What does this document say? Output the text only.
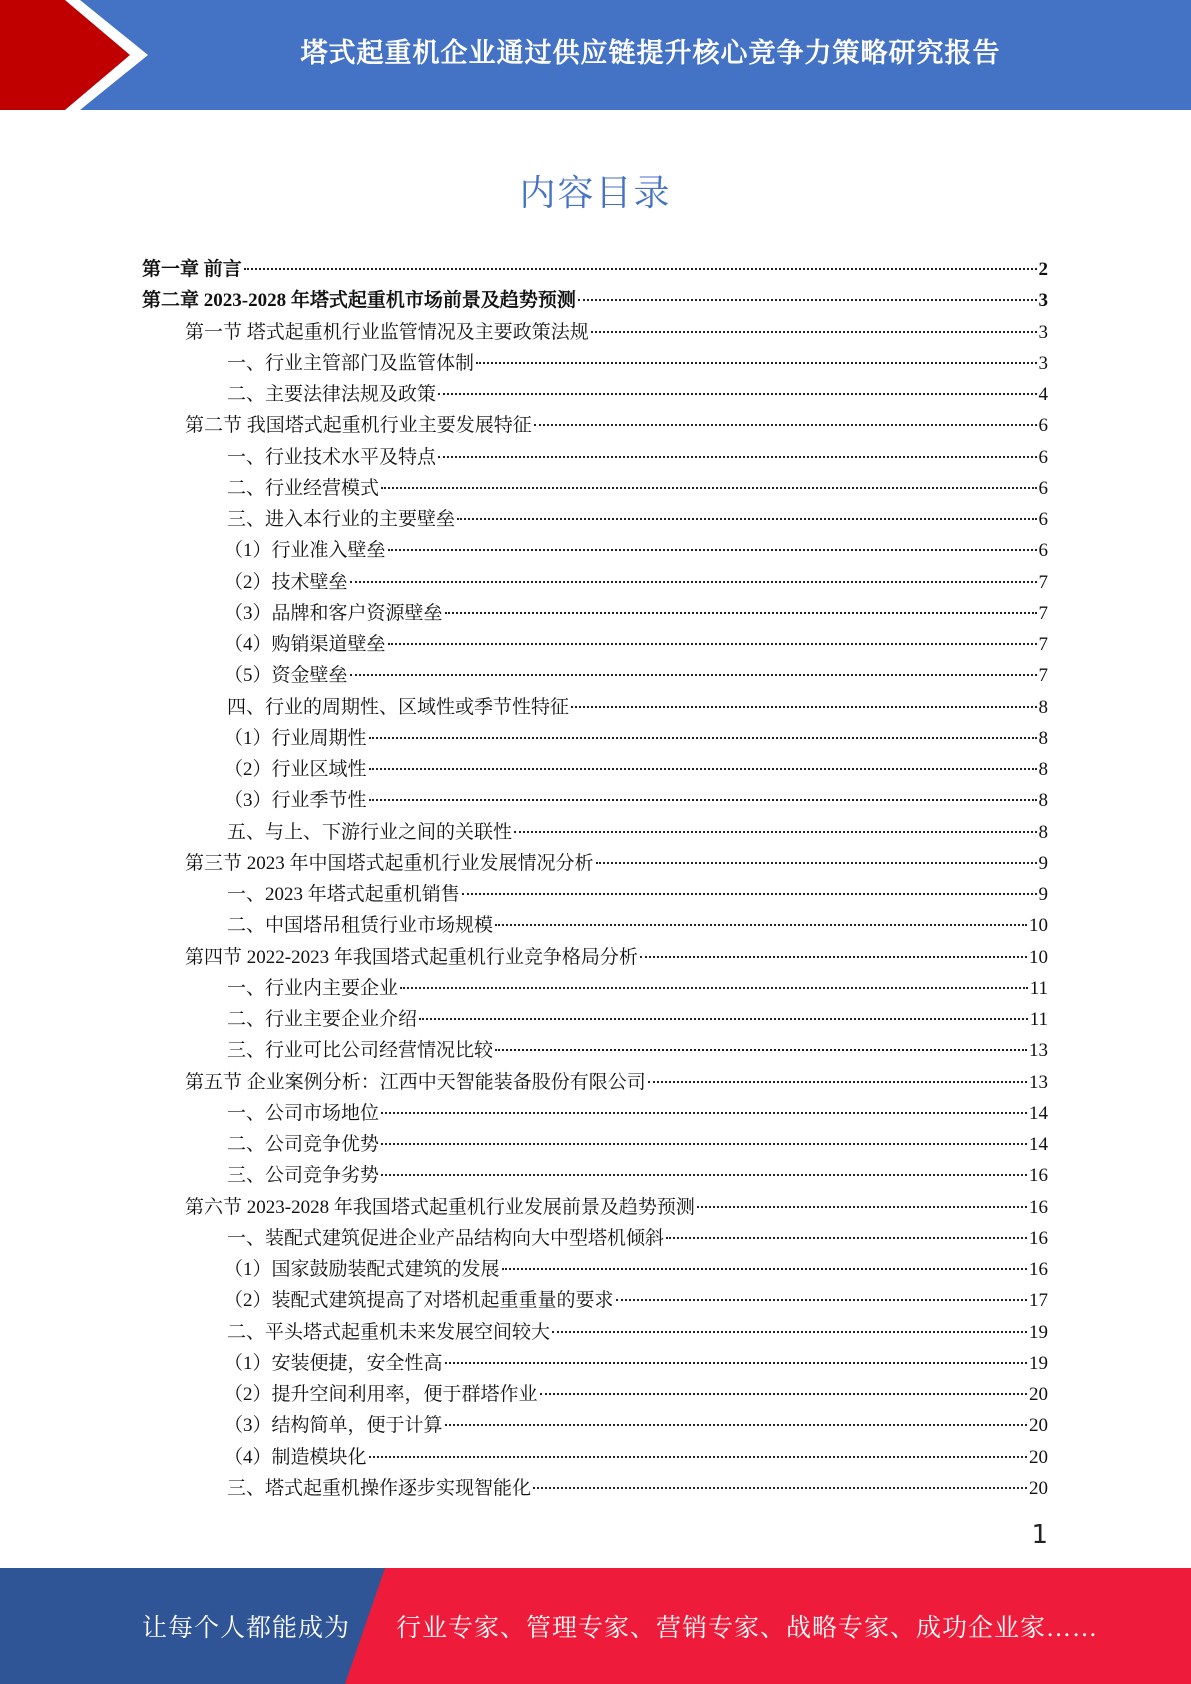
塔式起重机企业通过供应链提升核心竞争力策略研究报告
内容目录
第一章 前言	2
第二章 2023-2028 年塔式起重机市场前景及趋势预测	3
第一节 塔式起重机行业监管情况及主要政策法规	3
一、行业主管部门及监管体制	3
二、主要法律法规及政策	4
第二节 我国塔式起重机行业主要发展特征	6
一、行业技术水平及特点	6
二、行业经营模式	6
三、进入本行业的主要壁垒	6
（1）行业准入壁垒	6
（2）技术壁垒	7
（3）品牌和客户资源壁垒	7
（4）购销渠道壁垒	7
（5）资金壁垒	7
四、行业的周期性、区域性或季节性特征	8
（1）行业周期性	8
（2）行业区域性	8
（3）行业季节性	8
五、与上、下游行业之间的关联性	8
第三节 2023 年中国塔式起重机行业发展情况分析	9
一、2023 年塔式起重机销售	9
二、中国塔吊租赁行业市场规模	10
第四节 2022-2023 年我国塔式起重机行业竞争格局分析	10
一、行业内主要企业	11
二、行业主要企业介绍	11
三、行业可比公司经营情况比较	13
第五节 企业案例分析：江西中天智能装备股份有限公司	13
一、公司市场地位	14
二、公司竞争优势	14
三、公司竞争劣势	16
第六节 2023-2028 年我国塔式起重机行业发展前景及趋势预测	16
一、装配式建筑促进企业产品结构向大中型塔机倾斜	16
（1）国家鼓励装配式建筑的发展	16
（2）装配式建筑提高了对塔机起重重量的要求	17
二、平头塔式起重机未来发展空间较大	19
（1）安装便捷，安全性高	19
（2）提升空间利用率，便于群塔作业	20
（3）结构简单，便于计算	20
（4）制造模块化	20
三、塔式起重机操作逐步实现智能化	20
1
让每个人都能成为 行业专家、管理专家、营销专家、战略专家、成功企业家……
